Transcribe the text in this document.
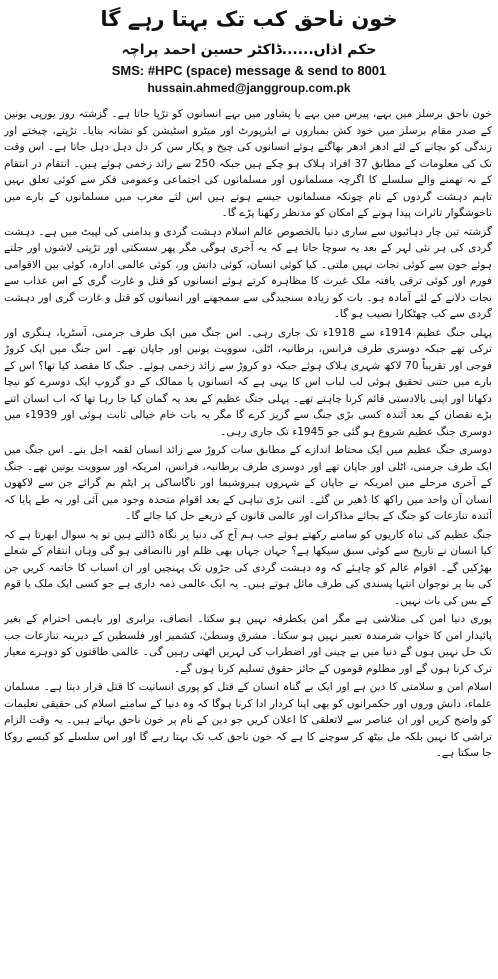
خون ناحق کب تک بہتا رہے گا
حکم اذاں......ڈاکٹر حسین احمد پراچہ
SMS: #HPC (space) message & send to 8001
hussain.ahmed@janggroup.com.pk

خون ناحق برسلز میں بہے، پیرس میں بہے یا پشاور میں بہے انسانوں کو تڑپا جاتا ہے۔ گزشتہ روز یورپی یونین کے صدر مقام برسلز میں خود کش بمباروں نے ایئرپورٹ اور میٹرو اسٹیشن کو نشانہ بنایا۔ تڑپتے، چیختے اور زندگی کو بچانے کے لئے ادھر ادھر بھاگتے ہوئے انسانوں کی چیخ و پکار سن کر دل دہل دہل جاتا ہے۔ اس وقت تک کی معلومات کے مطابق 37 افراد ہلاک ہو چکے ہیں جبکہ 250 سے زائد زخمی ہوئے ہیں۔ انتقام در انتقام کے نہ تھمنے والے سلسلے کا اگرچہ مسلمانوں اور مسلمانوں کی اجتماعی وعمومی فکر سے کوئی تعلق نہیں تاہم دہشت گردوں کے نام چونکہ مسلمانوں جیسے ہوتے ہیں اس لئے مغرب میں مسلمانوں کے بارے میں ناخوشگوار تاثرات پیدا ہونے کے امکان کو مدنظر رکھنا پڑے گا۔

گزشتہ تین چار دہائیوں سے ساری دنیا بالخصوص عالم اسلام دہشت گردی و بدامنی کی لپیٹ میں ہے۔ دہشت گردی کی ہر نئی لہر کے بعد یہ سوچا جاتا ہے کہ یہ آخری ہوگی مگر پھر سسکتی اور تڑپتی لاشوں اور جلتے ہوئے خون سے کوئی نجات نہیں ملتی۔ کیا کوئی انسان، کوئی دانش ور، کوئی عالمی ادارہ، کوئی بین الاقوامی فورم اور کوئی ترقی یافتہ ملک غیرت کا مظاہرہ کرتے ہوئے انسانوں کو قتل و غارت گری کے اس عذاب سے نجات دلانے کے لئے آمادہ ہو۔ بات کو زیادہ سنجیدگی سے سمجھنے اور انسانوں کو قتل و غارت گری اور دہشت گردی سے کب چھٹکارا نصیب ہو گا۔

پہلی جنگ عظیم 1914ء سے 1918ء تک جاری رہی۔ اس جنگ میں ایک طرف جرمنی، آسٹریا، ہنگری اور ترکی تھے جبکہ دوسری طرف فرانس، برطانیہ، اٹلی، سوویت یونین اور جاپان تھے۔ اس جنگ میں ایک کروڑ فوجی اور تقریباً 70 لاکھ شہری ہلاک ہوئے جبکہ دو کروڑ سے زائد زخمی ہوئے۔ جنگ کا مقصد کیا تھا؟ اس کے بارے میں جتنی تحقیق ہوئی لب لباب اس کا یہی ہے کہ انسانوں یا ممالک کے دو گروپ ایک دوسرے کو نیچا دکھانا اور اپنی بالادستی قائم کرنا چاہتے تھے۔ پہلی جنگ عظیم کے بعد یہ گمان کیا جا رہا تھا کہ اب انسان اتنے بڑے نقصان کے بعد آئندہ کسی بڑی جنگ سے گریز کرے گا مگر یہ بات خام خیالی ثابت ہوئی اور 1939ء میں دوسری جنگ عظیم شروع ہو گئی جو 1945ء تک جاری رہی۔

دوسری جنگ عظیم میں ایک محتاط اندازے کے مطابق سات کروڑ سے زائد انسان لقمہ اجل بنے۔ اس جنگ میں ایک طرف جرمنی، اٹلی اور جاپان تھے اور دوسری طرف برطانیہ، فرانس، امریکہ اور سوویت یونین تھے۔ جنگ کے آخری مرحلے میں امریکہ نے جاپان کے شہروں ہیروشیما اور ناگاساکی پر ایٹم بم گرائے جن سے لاکھوں انسان آن واحد میں راکھ کا ڈھیر بن گئے۔ اتنی بڑی تباہی کے بعد اقوام متحدہ وجود میں آئی اور یہ طے پایا کہ آئندہ تنازعات کو جنگ کے بجائے مذاکرات اور عالمی قانون کے ذریعے حل کیا جائے گا۔

جنگ عظیم کی تباہ کاریوں کو سامنے رکھتے ہوئے جب ہم آج کی دنیا پر نگاہ ڈالتے ہیں تو یہ سوال ابھرتا ہے کہ کیا انسان نے تاریخ سے کوئی سبق سیکھا ہے؟ جہاں جہاں بھی ظلم اور ناانصافی ہو گی وہاں انتقام کے شعلے بھڑکیں گے۔ اقوام عالم کو چاہئے کہ وہ دہشت گردی کی جڑوں تک پہنچیں اور ان اسباب کا خاتمہ کریں جن کی بنا پر نوجوان انتہا پسندی کی طرف مائل ہوتے ہیں۔ یہ ایک عالمی ذمہ داری ہے جو کسی ایک ملک یا قوم کے بس کی بات نہیں۔

پوری دنیا امن کی متلاشی ہے مگر امن یکطرفہ نہیں ہو سکتا۔ انصاف، برابری اور باہمی احترام کے بغیر پائیدار امن کا خواب شرمندہ تعبیر نہیں ہو سکتا۔ مشرق وسطیٰ، کشمیر اور فلسطین کے دیرینہ تنازعات جب تک حل نہیں ہوں گے دنیا میں بے چینی اور اضطراب کی لہریں اٹھتی رہیں گی۔ عالمی طاقتوں کو دوہرے معیار ترک کرنا ہوں گے اور مظلوم قوموں کے جائز حقوق تسلیم کرنا ہوں گے۔

اسلام امن و سلامتی کا دین ہے اور ایک بے گناہ انسان کے قتل کو پوری انسانیت کا قتل قرار دیتا ہے۔ مسلمان علماء، دانش وروں اور حکمرانوں کو بھی اپنا کردار ادا کرنا ہوگا کہ وہ دنیا کے سامنے اسلام کی حقیقی تعلیمات کو واضح کریں اور ان عناصر سے لاتعلقی کا اعلان کریں جو دین کے نام پر خون ناحق بہاتے ہیں۔ یہ وقت الزام تراشی کا نہیں بلکہ مل بیٹھ کر سوچنے کا ہے کہ خون ناحق کب تک بہتا رہے گا اور اس سلسلے کو کیسے روکا جا سکتا ہے۔
